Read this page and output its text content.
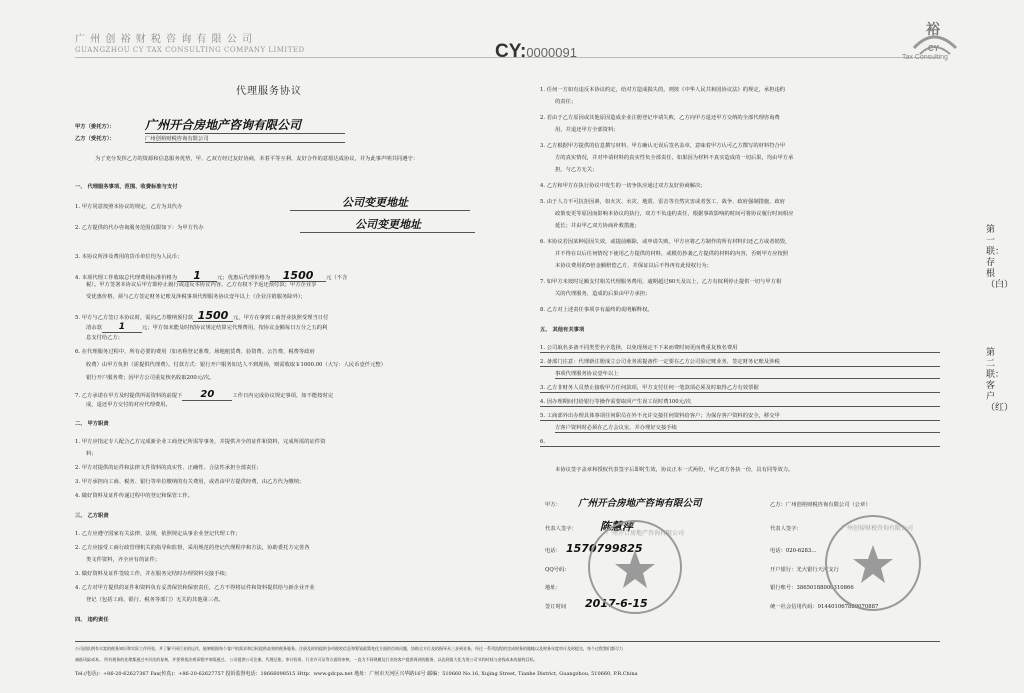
广 州 创 裕 财 税 咨 询 有 限 公 司
GUANGZHOU CY TAX CONSULTING COMPANY LIMITED	CY:0000091
裕
CY
Tax Consulting
代理服务协议
甲方（委托方）：	广州开合房地产咨询有限公司
乙方（受托方）：	广州创裕财税咨询有限公司
为了充分发挥乙方的资源和信息服务优势，甲、乙双方经过友好协商，本着平等互利、友好合作的意愿达成协议，并为此事声明共同遵守：
一、 代理服务事项、范围、收费标准与支付
1. 甲方同意按照本协议的规定，乙方为其代办	公司变更地址
2. 乙方提供的代办咨询服务范围仅限如下：为甲方代办	公司变更地址
3. 本协议所涉及费用的货币单位均为人民币；
4. 本项代理工作收取总代理费用标准价格为 1	元；优惠后代理价格为 1500 元（不含
税）。甲方签署本协议后甲方即停止履行或违反本协议内容，乙方有权不予返还预付款；甲方企业享
受优惠价格，须与乙方签定财务记账及涉税事项代理服务协议壹年以上（企业注销服务除外）；
5. 甲方与乙方签订本协议时，需向乙方缴纳预付款 1500 元，甲方在拿到工商营业执照受理当日付
清余款 1	元；甲方如未能及时按协议规定结算完代理费用，按协议金额每日万分之五的利
息支付给乙方；
6. 在代理服务过程中，所有必要的费用（如名称登记准费、场地租赁费、验资费、公告费、税费等政府
收费）由甲方负担（需提供代理费）。付款方式：银行开户服务如达人不到现场，则需收取￥1000.00（大写：人民币壹仟元整）
银行开户服务费；因甲方公司重复核名收取200元/次。
7. 乙方承诺在甲方及时提供所需资料的前提下 20	工作日内完成协议规定事项，如不能按时完
成，退还甲方交付的对应代理费用。
二、 甲方职责
1. 甲方应指定专人配合乙方完成新企业工商登记所需等事务，并提供齐全的证件和资料，完成所需的证件资
料；
2. 甲方对提供的证件和法律文件资料的真实性、正确性、合法性承担全部责任；
3. 甲方承担向工商、税务、银行等单位缴纳的有关费用，或者由甲方提供经费，由乙方代为缴纳；
4. 做好资料及证件传递过程中的登记和保管工作。
三、 乙方职责
1. 乙方应遵守国家有关法律、法规，依照规定从事企业登记代理工作；
2. 乙方应接受工商行政管理机关的指导和监督，采用规范的登记代理程序和方法，协助委托方完善各
类文件资料，齐全应有的证件；
3. 做好资料及证件签收工作，并在服务完结时办理资料交接手续；
4. 乙方对甲方提供的证件和资料负有妥善保管和保密责任，乙方不得将证件和资料提供给与新企业开业
登记（包括工商、银行、税务等部门）无关的其他第三者。
四、 违约责任
1. 任何一方如有违反本协议约定，给对方造成损失的，则按《中华人民共和国协议法》的规定，承担违约
的责任；
2. 若由于乙方原因或其他原因造成企业注册登记申请失败，乙方向甲方退还甲方交纳的全部代理咨询费
用，并退还甲方全部资料；
3. 乙方根据甲方提供的信息撰写材料，甲方确认无误后签名盖章，意味着甲方认可乙方撰写的材料符合甲
方的真实情况，并对申请材料的真实性负全部责任，如果因为材料不真实造成的一切后果，均由甲方承
担，与乙方无关；
4. 乙方和甲方在执行协议中发生的一切争执应通过双方友好协商解决；
5. 由于人力不可抗拒因素，如火灾、水灾、地震、雷击等自然灾害或者罢工、战争、政府强制措施、政府
政策变更等原因而影响本协议的执行，双方不负违约责任，根据事故影响的时间可将协议履行时间相应
延长；并由甲乙双方协商补救措施；
6. 本协议若因某种原因失效，或提前解除，或申请失败，甲方应将乙方制作的所有材料归还乙方或者销毁，
并不得在以后任何情况下使用乙方提供的材料，或模仿抄袭乙方提供的材料的内容，否则甲方应按照
本协议费用的5倍金额赔偿乙方，并保证以后不得再有此侵权行为；
7. 如甲方未按时足额支付相关代理服务费用，逾期超过60天及以上，乙方有权利停止提供一切与甲方相
关的代理服务，造成的后果由甲方承担；
8. 乙方对上述责任事项享有最终的说明解释权。
五、 其他有关事项
1. 公司取名多备不同类型名字选择，以免现场定不下来而费时间更而费重复核名费用
2. 备部门注意：代理新注册成立公司业务需提备件一定要在乙方公司验记账业务，签定财务记账及涉税
事项代理服务协议壹年以上
3. 乙方非财务人员禁止接收甲方任何款项，甲方支付任何一笔款项必须及时取得乙方有效票据
4. 因办理期间付给银行等操作需要取回产生误工误时费100元/次
5. 工商部外出办理具体事项任何职员在外不允许交接任何资料给客户；为保存客户资料的安全，移交甲
方客户资料时必须在乙方会议室，并办理好交接手续
6.
本协议签字盖章和授权代表签字后即时生效，协议正本一式两份，甲乙双方各执一份，具有同等效力。
甲方： 广州开合房地产咨询有限公司	乙方：广州创裕财税咨询有限公司（公章）
代表人签字： 陈慧萍	代表人签字：
电话： 1570799825	电话：020-6283...
QQ号码：	开户银行：光大银行天河支行
地址：	银行账号：38650188000310866
签订时间 2017-6-15	统一社会信用代码：914401067889070887
广州开合房地产咨询有限公司
广州创裕财税咨询有限公司
第一联：存根（白）
第二联：客户（红）
公司团队拥有丰富的税务知识和实际工作经验，并了解不同行业的运作，能够根据每个客户的需求和目标提供高效的税务服务。注册及时的提供各项税收信息和筹划政策变化方面的咨询问题，协助全方位及的指导从三步到业务，经过一系列流程的完成财务的做帐以及财务年度审计及时提交，每个过程我们都尽力
减低风险成本。 所有税务的处理都通过多层次的复核，并要将依法规章程序审阅通过。 公司提供公司注册、代理记账、审计验资、行业许可证等方面的审核，一直为不同规模及行业的客户提供周到的服务，以达到最大化为贵公司节约时间与金钱成本的最终目标。
Tel.(电话)：+86-20-62627367 Fax(传真)：+86-20-62627757 投诉监督电话：18666098515 Http：www.gdcpa.net 地址：广州市天河区兴华路16号 邮编：510660 No.16, Xujing Street, Tianhe District, Guangzhou, 510660, P.R.China
